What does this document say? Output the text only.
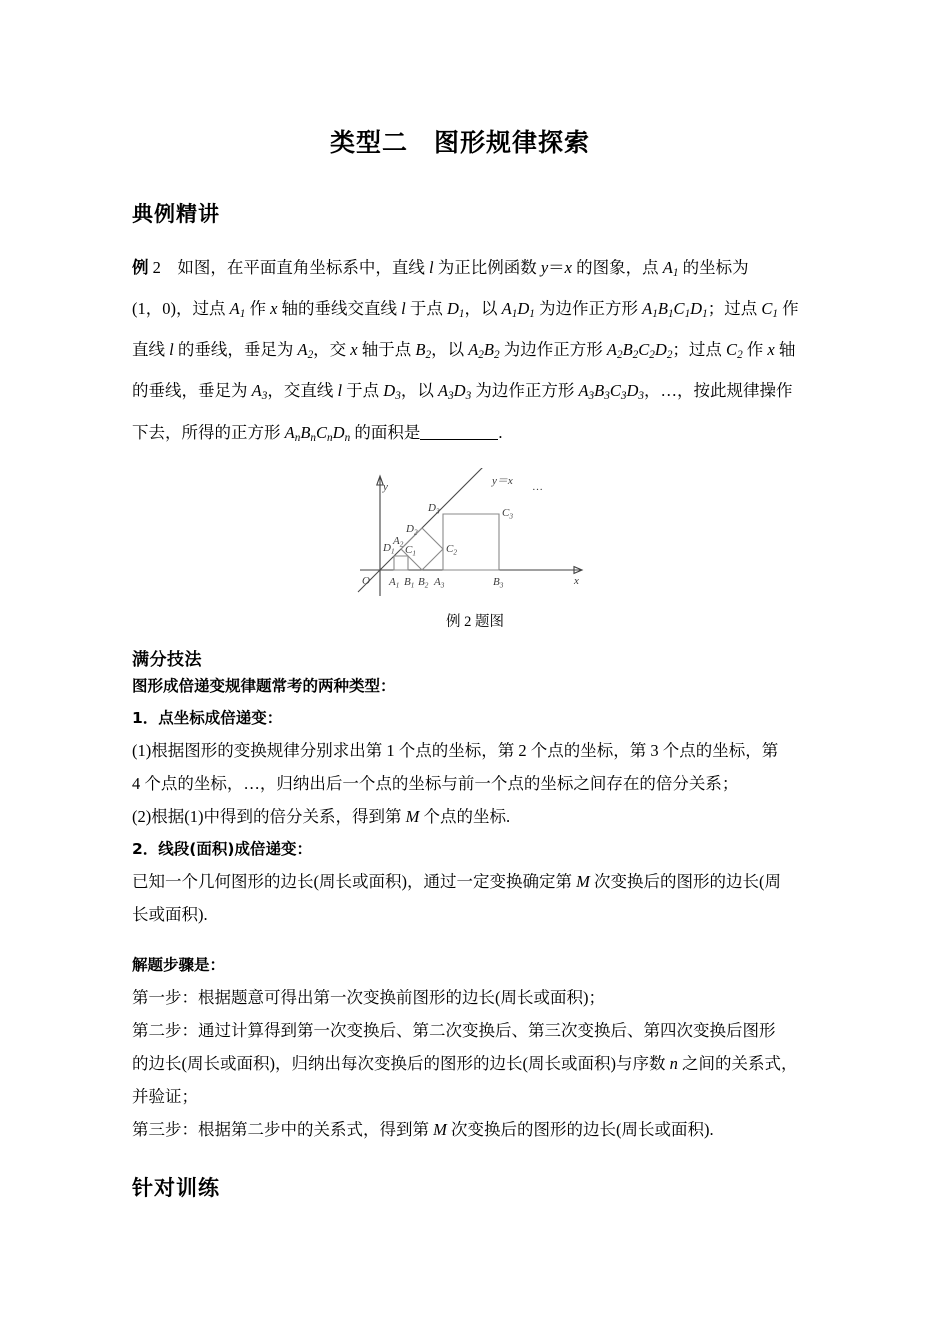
类型二　图形规律探索
典例精讲

例 2    如图，在平面直角坐标系中，直线 l 为正比例函数 y＝x 的图象，点 $A_1$ 的坐标为

(1，0)，过点 $A_1$ 作 x 轴的垂线交直线 l 于点 $D_1$，以 $A_1D_1$ 为边作正方形 $A_1B_1C_1D_1$；过点 $C_1$ 作

直线 l 的垂线，垂足为 $A_2$，交 x 轴于点 $B_2$，以 $A_2B_2$ 为边作正方形 $A_2B_2C_2D_2$；过点 $C_2$ 作 x 轴

的垂线，垂足为 $A_3$，交直线 l 于点 $D_3$，以 $A_3D_3$ 为边作正方形 $A_3B_3C_3D_3$，…，按此规律操作

下去，所得的正方形 $A_nB_nC_nD_n$ 的面积是	.

y
x
O
y＝x …
$A_1$ $B_1$ $B_2$ $A_3$	$B_3$
$C_1$	$C_2$
$C_3$
$D_1$
$D_2$
$D_3$
$A_2$
例 2 题图
满分技法

图形成倍递变规律题常考的两种类型：

1．点坐标成倍递变：

(1)根据图形的变换规律分别求出第 1 个点的坐标，第 2 个点的坐标，第 3 个点的坐标，第

4 个点的坐标，…，归纳出后一个点的坐标与前一个点的坐标之间存在的倍分关系；

(2)根据(1)中得到的倍分关系，得到第 M 个点的坐标.

2．线段(面积)成倍递变：

已知一个几何图形的边长(周长或面积)，通过一定变换确定第 M 次变换后的图形的边长(周

长或面积).

解题步骤是：

第一步：根据题意可得出第一次变换前图形的边长(周长或面积)；

第二步：通过计算得到第一次变换后、第二次变换后、第三次变换后、第四次变换后图形

的边长(周长或面积)，归纳出每次变换后的图形的边长(周长或面积)与序数 n 之间的关系式，

并验证；

第三步：根据第二步中的关系式，得到第 M 次变换后的图形的边长(周长或面积).

针对训练
